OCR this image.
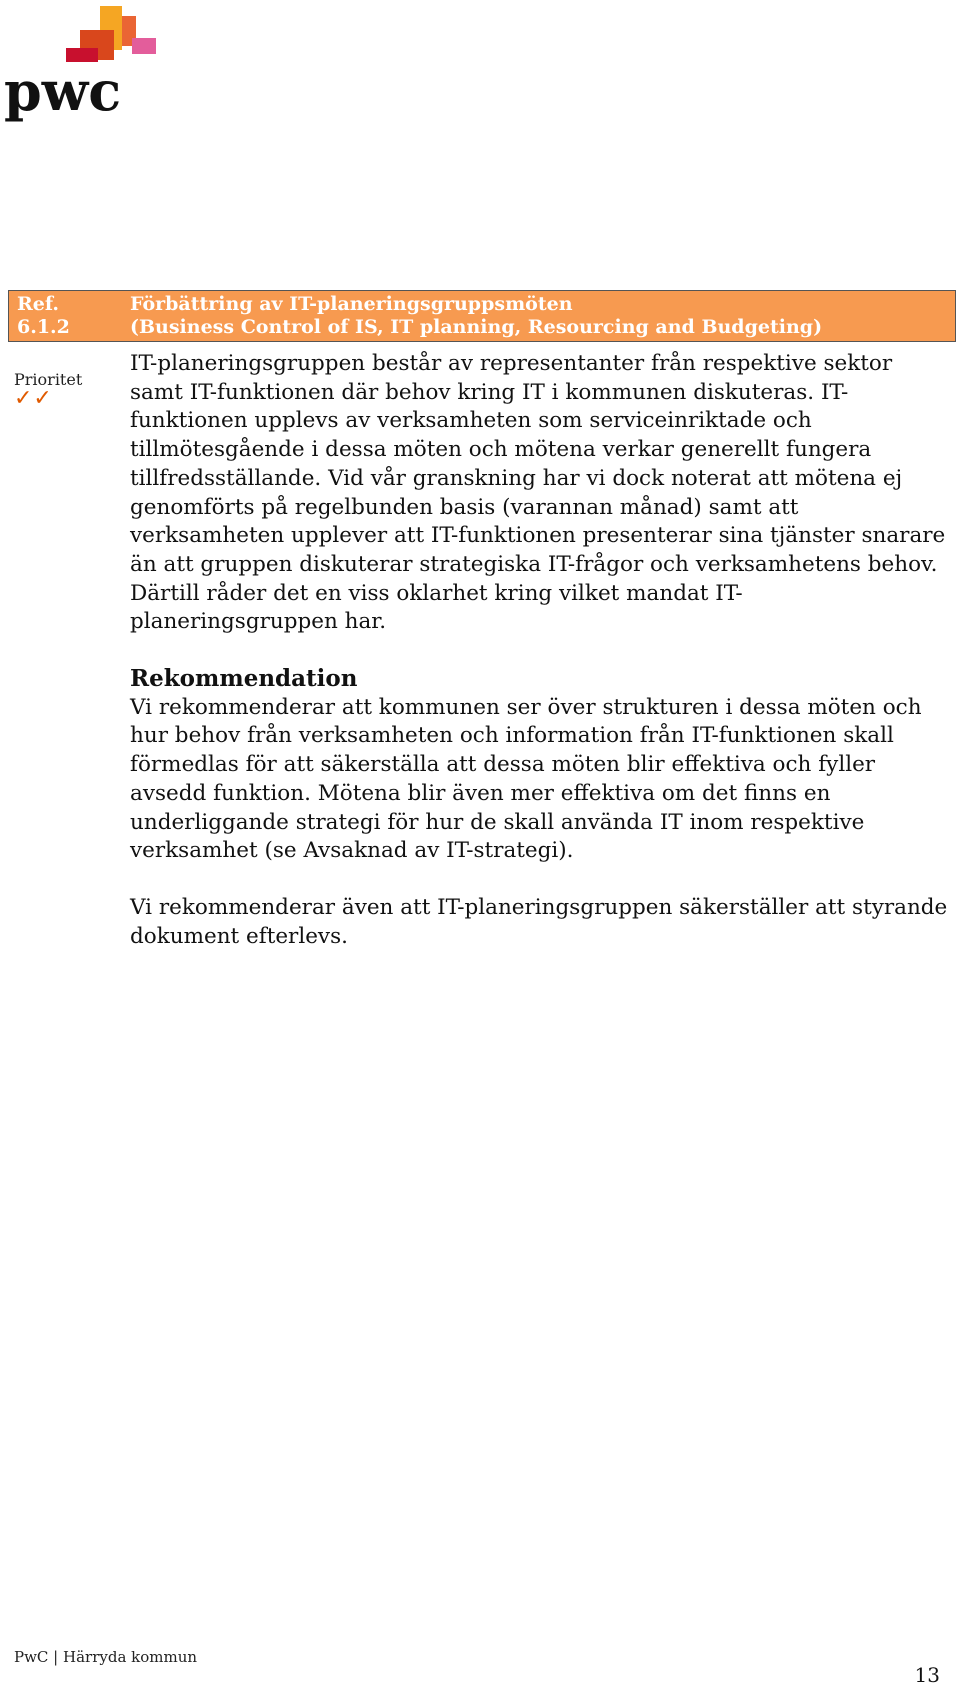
pwc
Ref.
6.1.2
Förbättring av IT-planeringsgruppsmöten
(Business Control of IS, IT planning, Resourcing and Budgeting)
Prioritet
✓✓

IT-planeringsgruppen består av representanter från respektive sektor samt IT-funktionen där behov kring IT i kommunen diskuteras. IT-funktionen upplevs av verksamheten som serviceinriktade och tillmötesgående i dessa möten och mötena verkar generellt fungera tillfredsställande. Vid vår granskning har vi dock noterat att mötena ej genomförts på regelbunden basis (varannan månad) samt att verksamheten upplever att IT-funktionen presenterar sina tjänster snarare än att gruppen diskuterar strategiska IT-frågor och verksamhetens behov. Därtill råder det en viss oklarhet kring vilket mandat IT-planeringsgruppen har.

Rekommendation

Vi rekommenderar att kommunen ser över strukturen i dessa möten och hur behov från verksamheten och information från IT-funktionen skall förmedlas för att säkerställa att dessa möten blir effektiva och fyller avsedd funktion. Mötena blir även mer effektiva om det finns en underliggande strategi för hur de skall använda IT inom respektive verksamhet (se Avsaknad av IT-strategi).

Vi rekommenderar även att IT-planeringsgruppen säkerställer att styrande dokument efterlevs.

PwC | Härryda kommun
13
